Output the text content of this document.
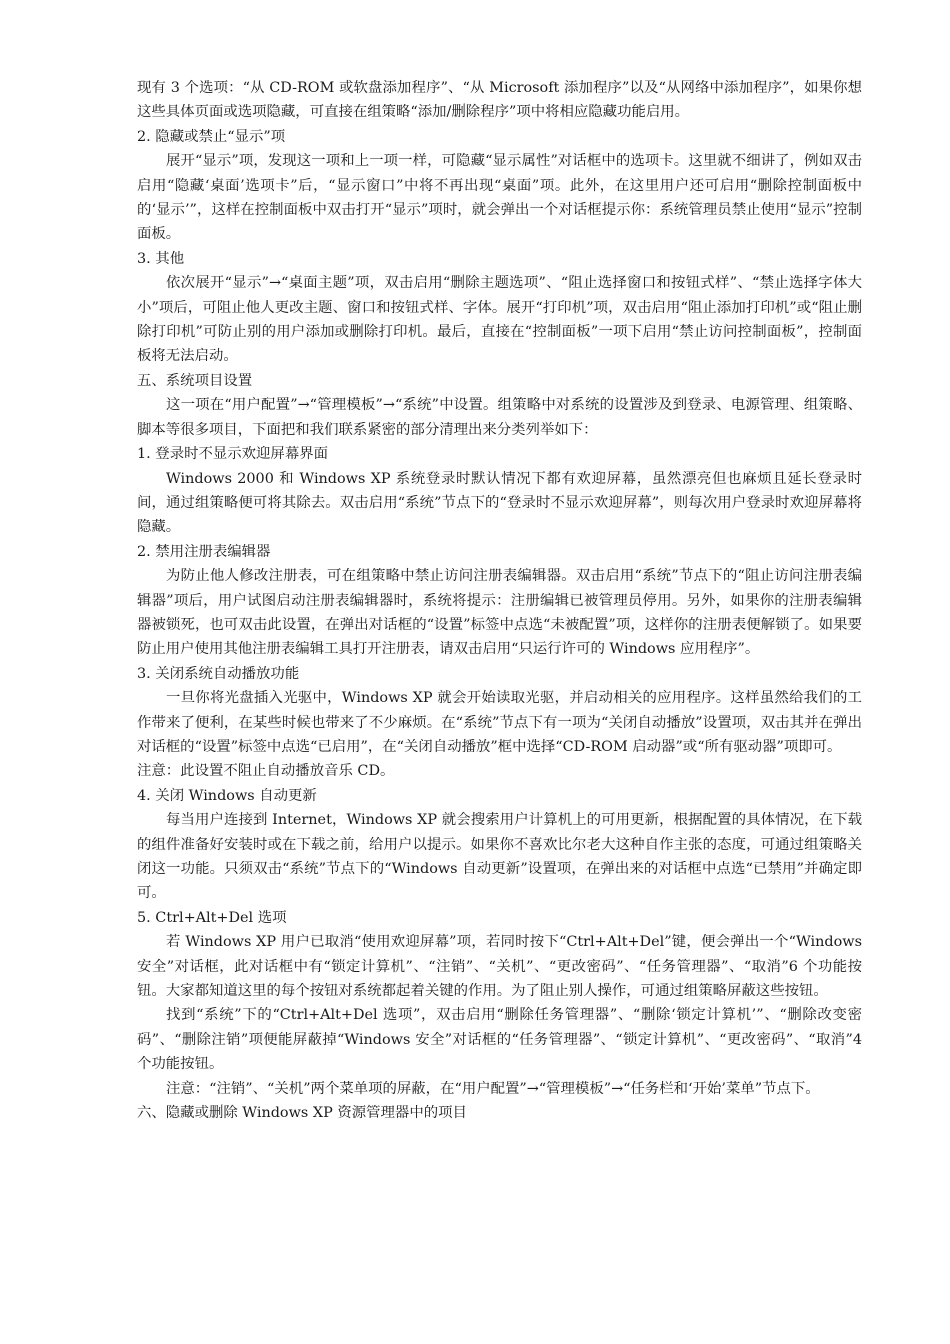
现有 3 个选项：“从 CD-ROM 或软盘添加程序”、“从 Microsoft 添加程序”以及“从网络中添加程序”，如果你想这些具体页面或选项隐藏，可直接在组策略“添加/删除程序”项中将相应隐藏功能启用。

2. 隐藏或禁止“显示”项

展开“显示”项，发现这一项和上一项一样，可隐藏“显示属性”对话框中的选项卡。这里就不细讲了，例如双击启用“隐藏‘桌面’选项卡”后，“显示窗口”中将不再出现“桌面”项。此外，在这里用户还可启用“删除控制面板中的‘显示’”，这样在控制面板中双击打开“显示”项时，就会弹出一个对话框提示你：系统管理员禁止使用“显示”控制面板。

3. 其他

依次展开“显示”→“桌面主题”项，双击启用“删除主题选项”、“阻止选择窗口和按钮式样”、“禁止选择字体大小”项后，可阻止他人更改主题、窗口和按钮式样、字体。展开“打印机”项，双击启用“阻止添加打印机”或“阻止删除打印机”可防止别的用户添加或删除打印机。最后，直接在“控制面板”一项下启用“禁止访问控制面板”，控制面板将无法启动。

五、系统项目设置

这一项在“用户配置”→“管理模板”→“系统”中设置。组策略中对系统的设置涉及到登录、电源管理、组策略、脚本等很多项目，下面把和我们联系紧密的部分清理出来分类列举如下：

1. 登录时不显示欢迎屏幕界面

Windows 2000 和 Windows XP 系统登录时默认情况下都有欢迎屏幕，虽然漂亮但也麻烦且延长登录时间，通过组策略便可将其除去。双击启用“系统”节点下的“登录时不显示欢迎屏幕”，则每次用户登录时欢迎屏幕将隐藏。

2. 禁用注册表编辑器

为防止他人修改注册表，可在组策略中禁止访问注册表编辑器。双击启用“系统”节点下的“阻止访问注册表编辑器”项后，用户试图启动注册表编辑器时，系统将提示：注册编辑已被管理员停用。另外，如果你的注册表编辑器被锁死，也可双击此设置，在弹出对话框的“设置”标签中点选“未被配置”项，这样你的注册表便解锁了。如果要防止用户使用其他注册表编辑工具打开注册表，请双击启用“只运行许可的 Windows 应用程序”。

3. 关闭系统自动播放功能

一旦你将光盘插入光驱中，Windows XP 就会开始读取光驱，并启动相关的应用程序。这样虽然给我们的工作带来了便利，在某些时候也带来了不少麻烦。在“系统”节点下有一项为“关闭自动播放”设置项，双击其并在弹出对话框的“设置”标签中点选“已启用”，在“关闭自动播放”框中选择“CD-ROM 启动器”或“所有驱动器”项即可。

注意：此设置不阻止自动播放音乐 CD。

4. 关闭 Windows 自动更新

每当用户连接到 Internet，Windows XP 就会搜索用户计算机上的可用更新，根据配置的具体情况，在下载的组件准备好安装时或在下载之前，给用户以提示。如果你不喜欢比尔老大这种自作主张的态度，可通过组策略关闭这一功能。只须双击“系统”节点下的“Windows 自动更新”设置项，在弹出来的对话框中点选“已禁用”并确定即可。

5. Ctrl+Alt+Del 选项

若 Windows XP 用户已取消“使用欢迎屏幕”项，若同时按下“Ctrl+Alt+Del”键，便会弹出一个“Windows 安全”对话框，此对话框中有“锁定计算机”、“注销”、“关机”、“更改密码”、“任务管理器”、“取消”6 个功能按钮。大家都知道这里的每个按钮对系统都起着关键的作用。为了阻止别人操作，可通过组策略屏蔽这些按钮。

找到“系统”下的“Ctrl+Alt+Del 选项”，双击启用“删除任务管理器”、“删除‘锁定计算机’”、“删除改变密码”、“删除注销”项便能屏蔽掉“Windows 安全”对话框的“任务管理器”、“锁定计算机”、“更改密码”、“取消”4 个功能按钮。

注意：“注销”、“关机”两个菜单项的屏蔽，在“用户配置”→“管理模板”→“任务栏和‘开始’菜单”节点下。

六、隐藏或删除 Windows XP 资源管理器中的项目
